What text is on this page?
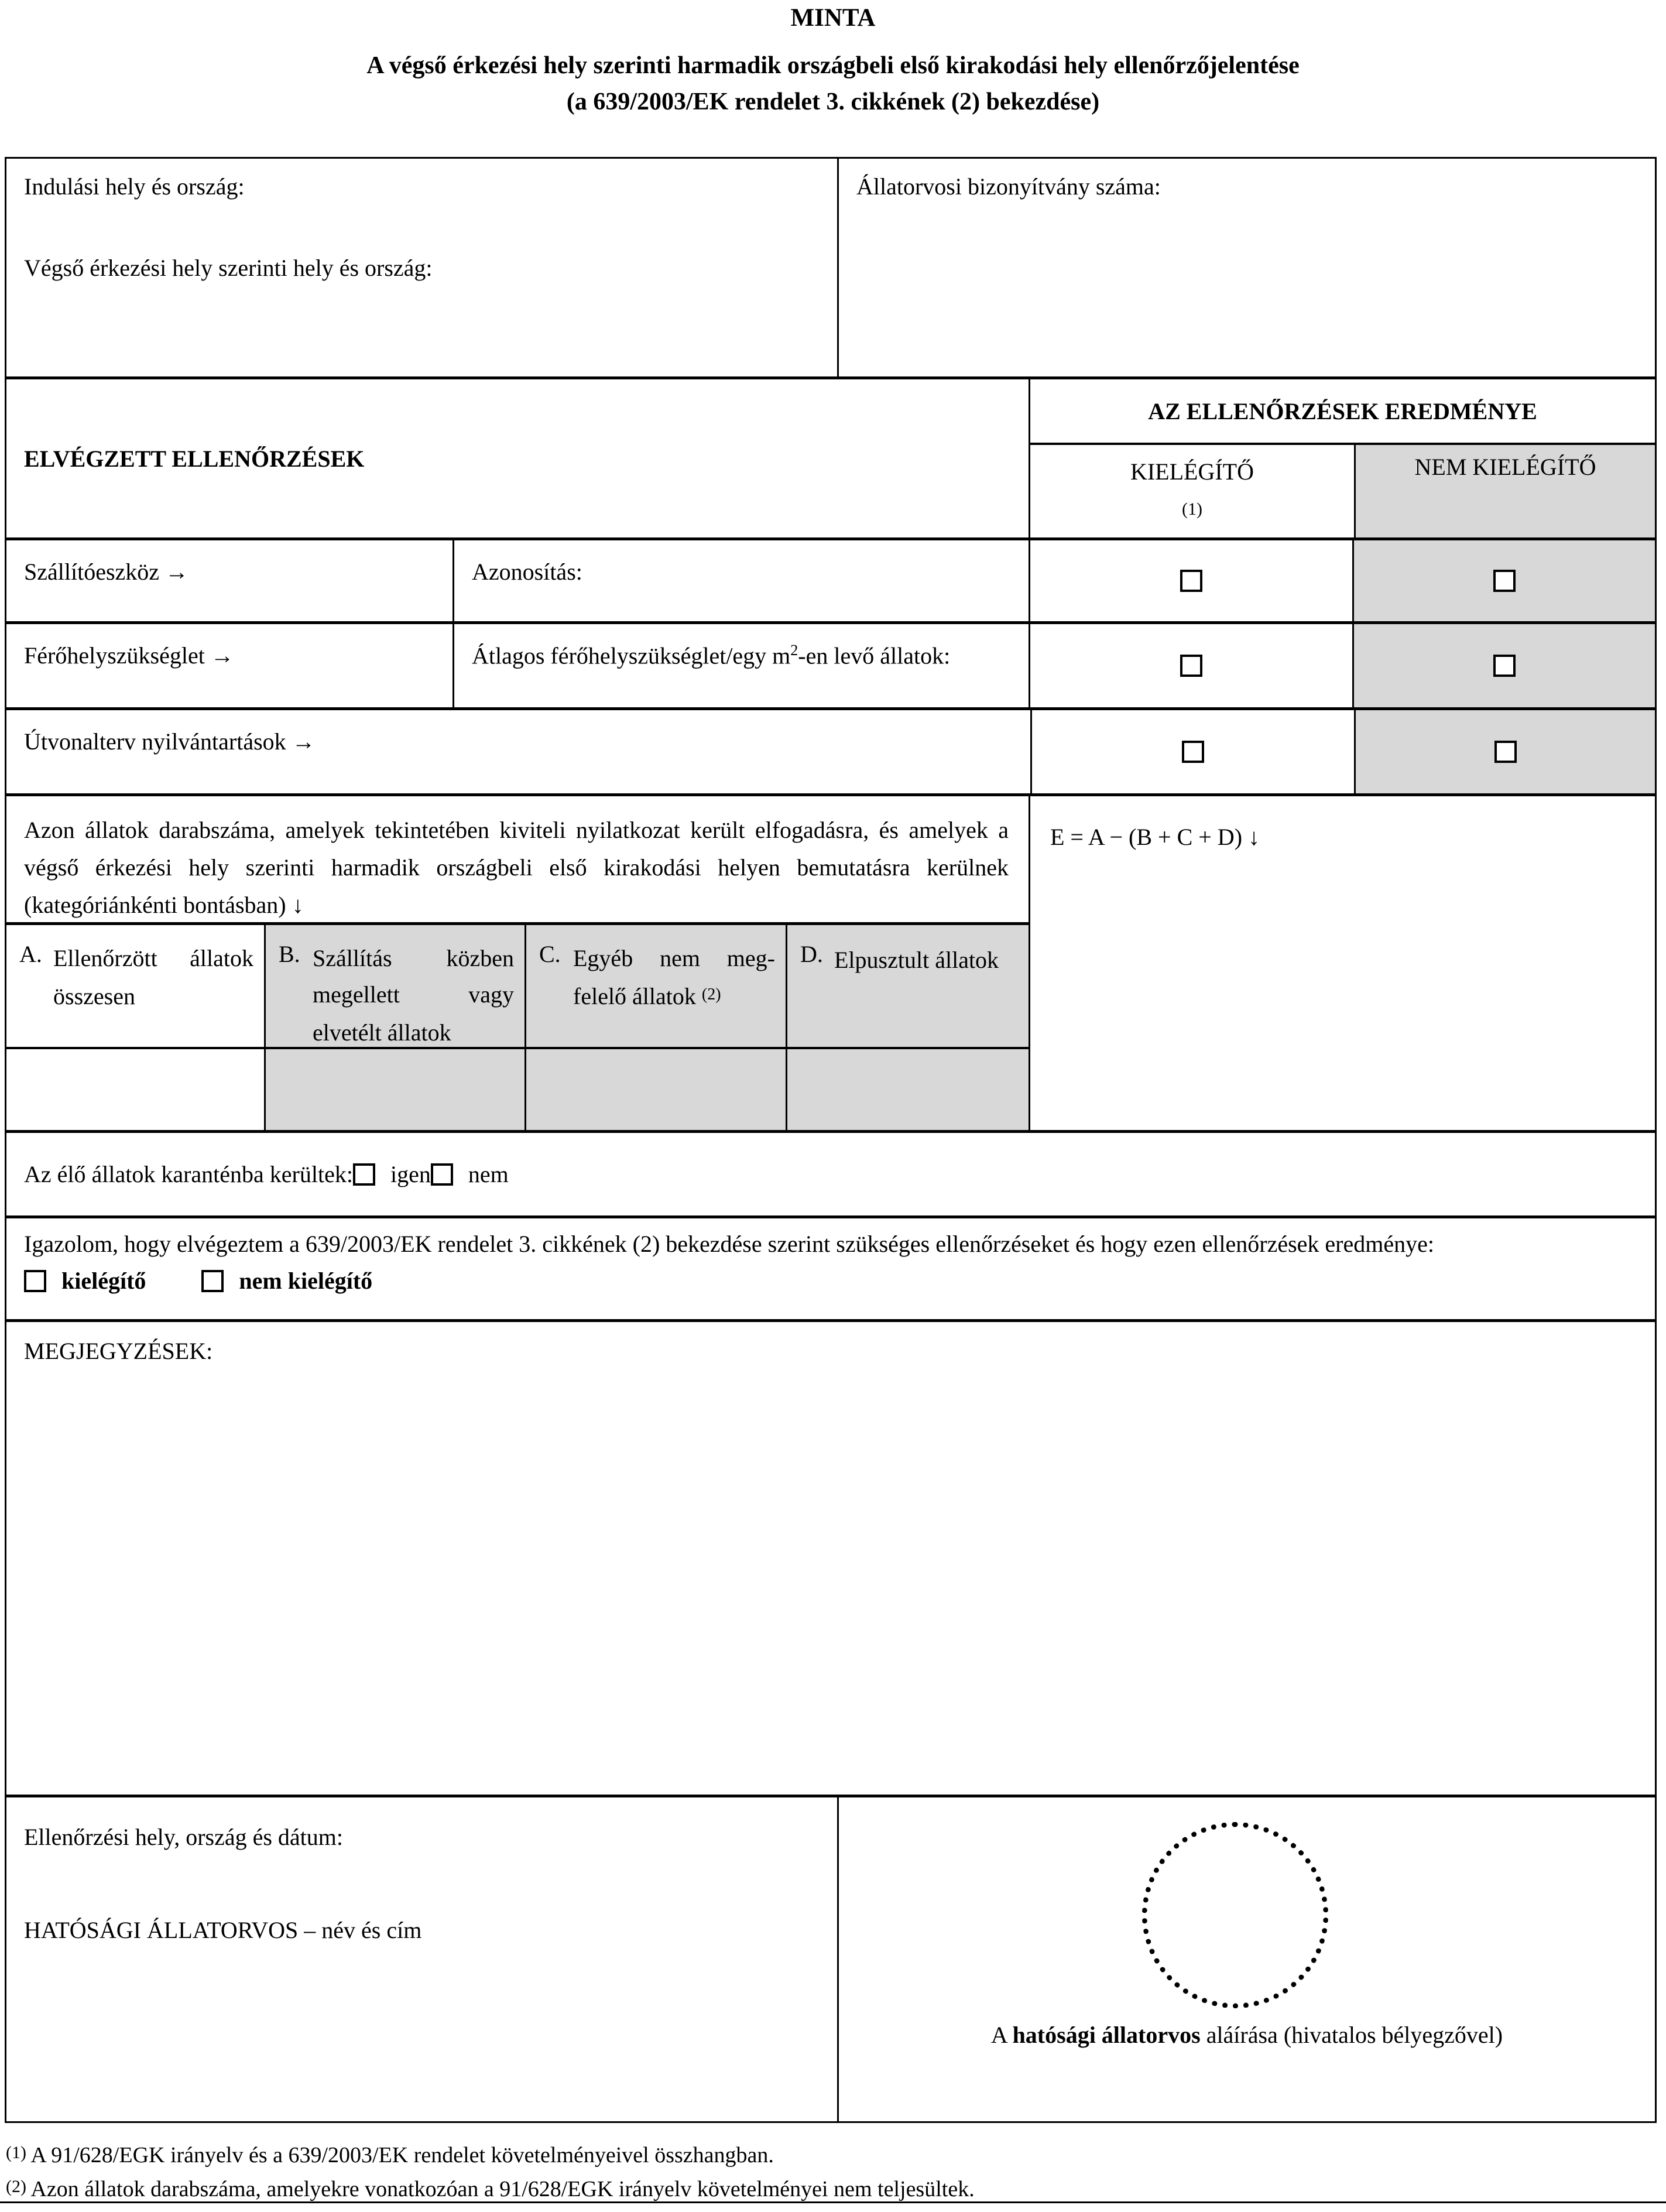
MINTA
A végső érkezési hely szerinti harmadik országbeli első kirakodási hely ellenőrzőjelentése
(a 639/2003/EK rendelet 3. cikkének (2) bekezdése)
Indulási hely és ország:
Végső érkezési hely szerinti hely és ország:
Állatorvosi bizonyítvány száma:
ELVÉGZETT ELLENŐRZÉSEK
AZ ELLENŐRZÉSEK EREDMÉNYE
KIELÉGÍTŐ
(1)
NEM KIELÉGÍTŐ
Szállítóeszköz →	Azonosítás:
Férőhelyszükséglet →	Átlagos férőhelyszükséglet/egy $m^2-en$ levő állatok:
Útvonalterv nyilvántartások →
Azon állatok darabszáma, amelyek tekintetében kiviteli nyilatkozat került elfogadásra, és amelyek a végső érkezési hely szerinti harmadik országbeli első kirakodási helyen bemutatásra kerülnek (kategóriánkénti bontásban) ↓
A. Ellenőrzött állatok összesen
B. Szállítás közben megellett vagy elvetélt állatok
C. Egyéb nem meg-felelő állatok $^{(2)}$
D. Elpusztult állatok
E = A − (B + C + D) ↓
Az élő állatok karanténba kerültek: igen nem
Igazolom, hogy elvégeztem a 639/2003/EK rendelet 3. cikkének (2) bekezdése szerint szükséges ellenőrzéseket és hogy ezen ellenőrzések eredménye:
kielégítő	nem kielégítő
MEGJEGYZÉSEK:
Ellenőrzési hely, ország és dátum:
HATÓSÁGI ÁLLATORVOS – név és cím
A hatósági állatorvos aláírása (hivatalos bélyegzővel)
(1) A 91/628/EGK irányelv és a 639/2003/EK rendelet követelményeivel összhangban.
(2) Azon állatok darabszáma, amelyekre vonatkozóan a 91/628/EGK irányelv követelményei nem teljesültek.
